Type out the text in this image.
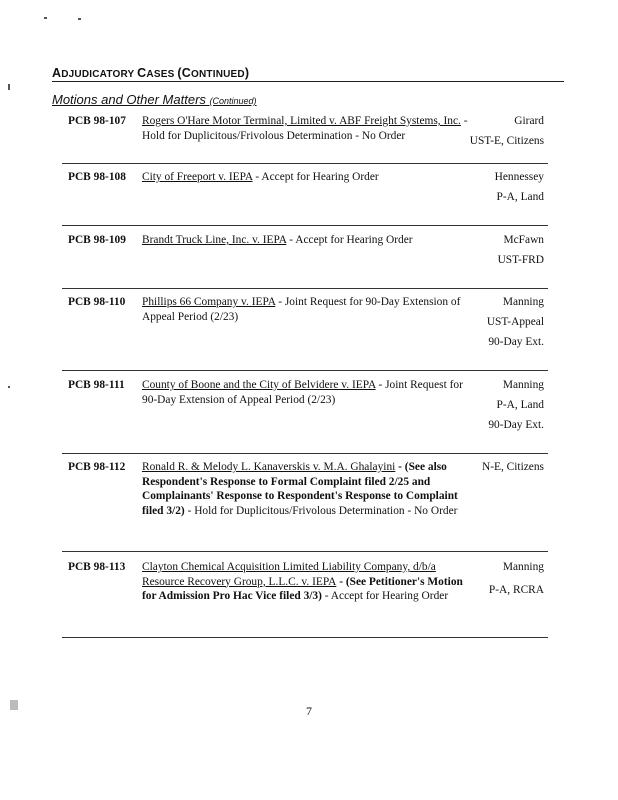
ADJUDICATORY CASES (CONTINUED)
Motions and Other Matters (Continued)
PCB 98-107 Rogers O'Hare Motor Terminal, Limited v. ABF Freight Systems, Inc. - Hold for Duplicitous/Frivolous Determination - No Order
Girard
UST-E, Citizens
PCB 98-108 City of Freeport v. IEPA - Accept for Hearing Order	Hennessey
P-A, Land
PCB 98-109 Brandt Truck Line, Inc. v. IEPA - Accept for Hearing Order	McFawn
UST-FRD
PCB 98-110 Phillips 66 Company v. IEPA - Joint Request for 90-Day Extension of Appeal Period (2/23)
Manning
UST-Appeal
90-Day Ext.
PCB 98-111 County of Boone and the City of Belvidere v. IEPA - Joint Request for 90-Day Extension of Appeal Period (2/23)
Manning
P-A, Land
90-Day Ext.
PCB 98-112 Ronald R. & Melody L. Kanaverskis v. M.A. Ghalayini - (See also Respondent's Response to Formal Complaint filed 2/25 and Complainants' Response to Respondent's Response to Complaint filed 3/2) - Hold for Duplicitous/Frivolous Determination - No Order
N-E, Citizens
PCB 98-113 Clayton Chemical Acquisition Limited Liability Company, d/b/a Resource Recovery Group, L.L.C. v. IEPA - (See Petitioner's Motion for Admission Pro Hac Vice filed 3/3) - Accept for Hearing Order
Manning
P-A, RCRA
7
